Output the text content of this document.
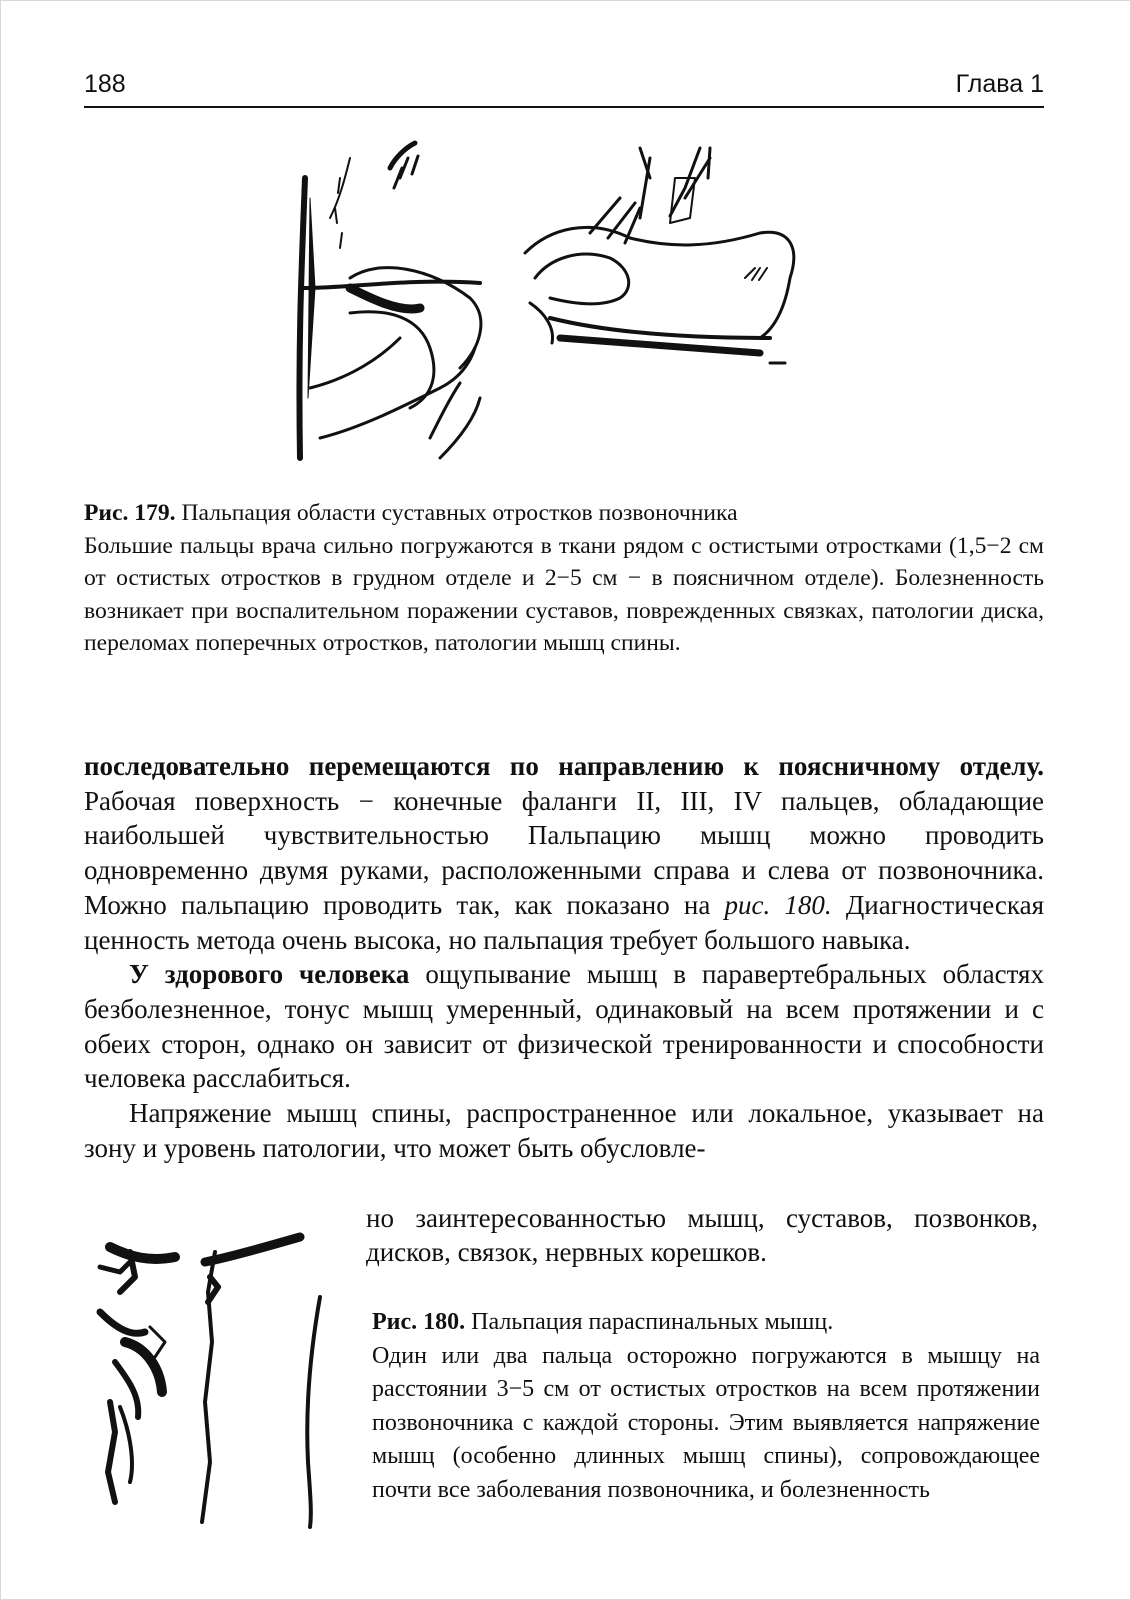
188	Глава 1
Рис. 179. Пальпация области суставных отростков позвоночника
Большие пальцы врача сильно погружаются в ткани рядом с остистыми отростками (1,5−2 см от остистых отростков в грудном отделе и 2−5 см − в поясничном отделе). Болезненность возникает при воспалительном поражении суставов, поврежденных связках, патологии диска, переломах поперечных отростков, патологии мышц спины.

последовательно перемещаются по направлению к поясничному отделу. Рабочая поверхность − конечные фаланги II, III, IV пальцев, обладающие наибольшей чувствительностью Пальпацию мышц можно проводить одновременно двумя руками, расположенными справа и слева от позвоночника. Можно пальпацию проводить так, как показано на рис. 180. Диагностическая ценность метода очень высока, но пальпация требует большого навыка.

У здорового человека ощупывание мышц в паравертебральных областях безболезненное, тонус мышц умеренный, одинаковый на всем протяжении и с обеих сторон, однако он зависит от физической тренированности и способности человека расслабиться.

Напряжение мышц спины, распространенное или локальное, указывает на зону и уровень патологии, что может быть обусловле-

но заинтересованностью мышц, суставов, позвонков, дисков, связок, нервных корешков.
Рис. 180. Пальпация параспинальных мышц.
Один или два пальца осторожно погружаются в мышцу на расстоянии 3−5 см от остистых отростков на всем протяжении позвоночника с каждой стороны. Этим выявляется напряжение мышц (особенно длинных мышц спины), сопровождающее почти все заболевания позвоночника, и болезненность
